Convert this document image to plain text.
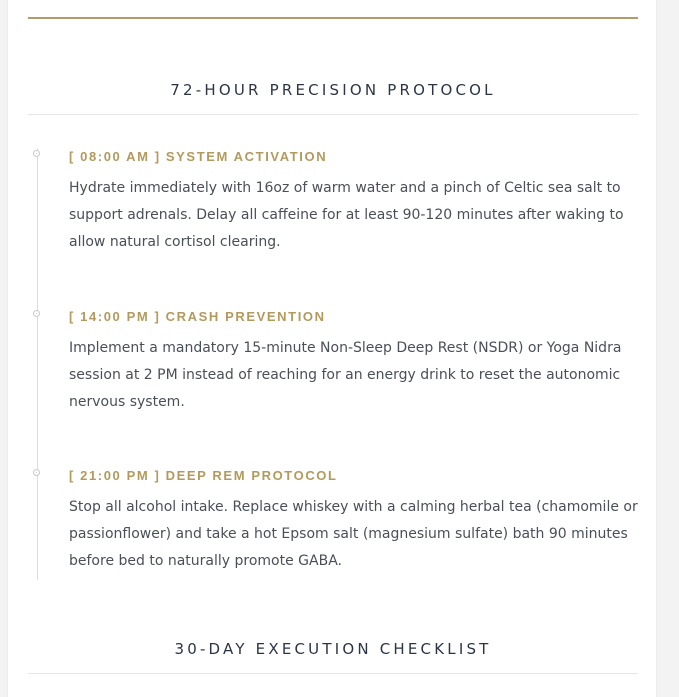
72-HOUR PRECISION PROTOCOL
[ 08:00 AM ] SYSTEM ACTIVATION

Hydrate immediately with 16oz of warm water and a pinch of Celtic sea salt to support adrenals. Delay all caffeine for at least 90-120 minutes after waking to allow natural cortisol clearing.

[ 14:00 PM ] CRASH PREVENTION

Implement a mandatory 15-minute Non-Sleep Deep Rest (NSDR) or Yoga Nidra session at 2 PM instead of reaching for an energy drink to reset the autonomic nervous system.

[ 21:00 PM ] DEEP REM PROTOCOL

Stop all alcohol intake. Replace whiskey with a calming herbal tea (chamomile or passionflower) and take a hot Epsom salt (magnesium sulfate) bath 90 minutes before bed to naturally promote GABA.

30-DAY EXECUTION CHECKLIST
